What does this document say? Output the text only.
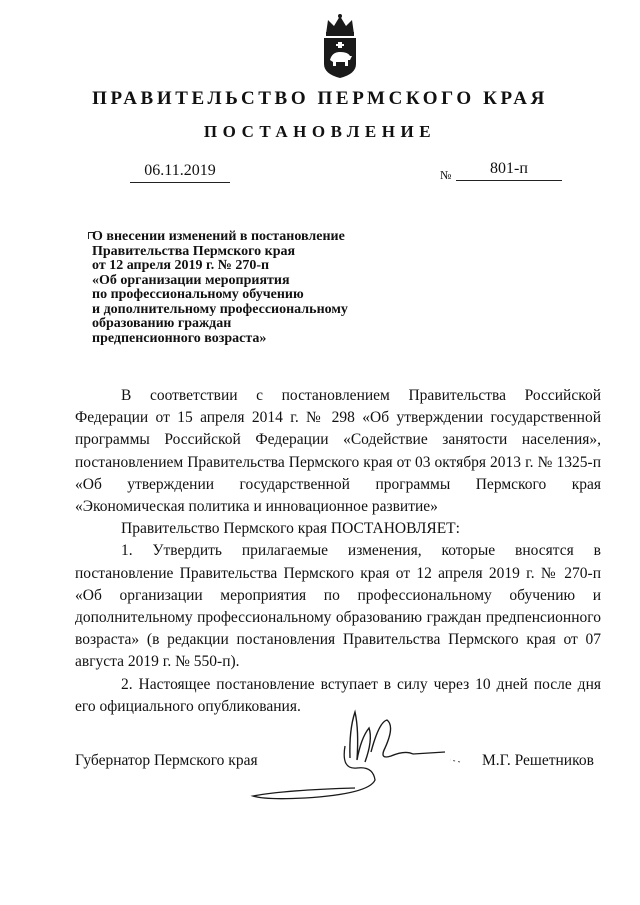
ПРАВИТЕЛЬСТВО ПЕРМСКОГО КРАЯ
ПОСТАНОВЛЕНИЕ
06.11.2019	№	801-п
О внесении изменений в постановление
Правительства Пермского края
от 12 апреля 2019 г. № 270-п
«Об организации мероприятия
по профессиональному обучению
и дополнительному профессиональному
образованию граждан
предпенсионного возраста»

В соответствии с постановлением Правительства Российской Федерации от 15 апреля 2014 г. № 298 «Об утверждении государственной программы Российской Федерации «Содействие занятости населения», постановлением Правительства Пермского края от 03 октября 2013 г. № 1325-п «Об утверждении государственной программы Пермского края «Экономическая политика и инновационное развитие»

Правительство Пермского края ПОСТАНОВЛЯЕТ:

1. Утвердить прилагаемые изменения, которые вносятся в постановление Правительства Пермского края от 12 апреля 2019 г. № 270-п «Об организации мероприятия по профессиональному обучению и дополнительному профессиональному образованию граждан предпенсионного возраста» (в редакции постановления Правительства Пермского края от 07 августа 2019 г. № 550-п).

2. Настоящее постановление вступает в силу через 10 дней после дня его официального опубликования.

Губернатор Пермского края	М.Г. Решетников
